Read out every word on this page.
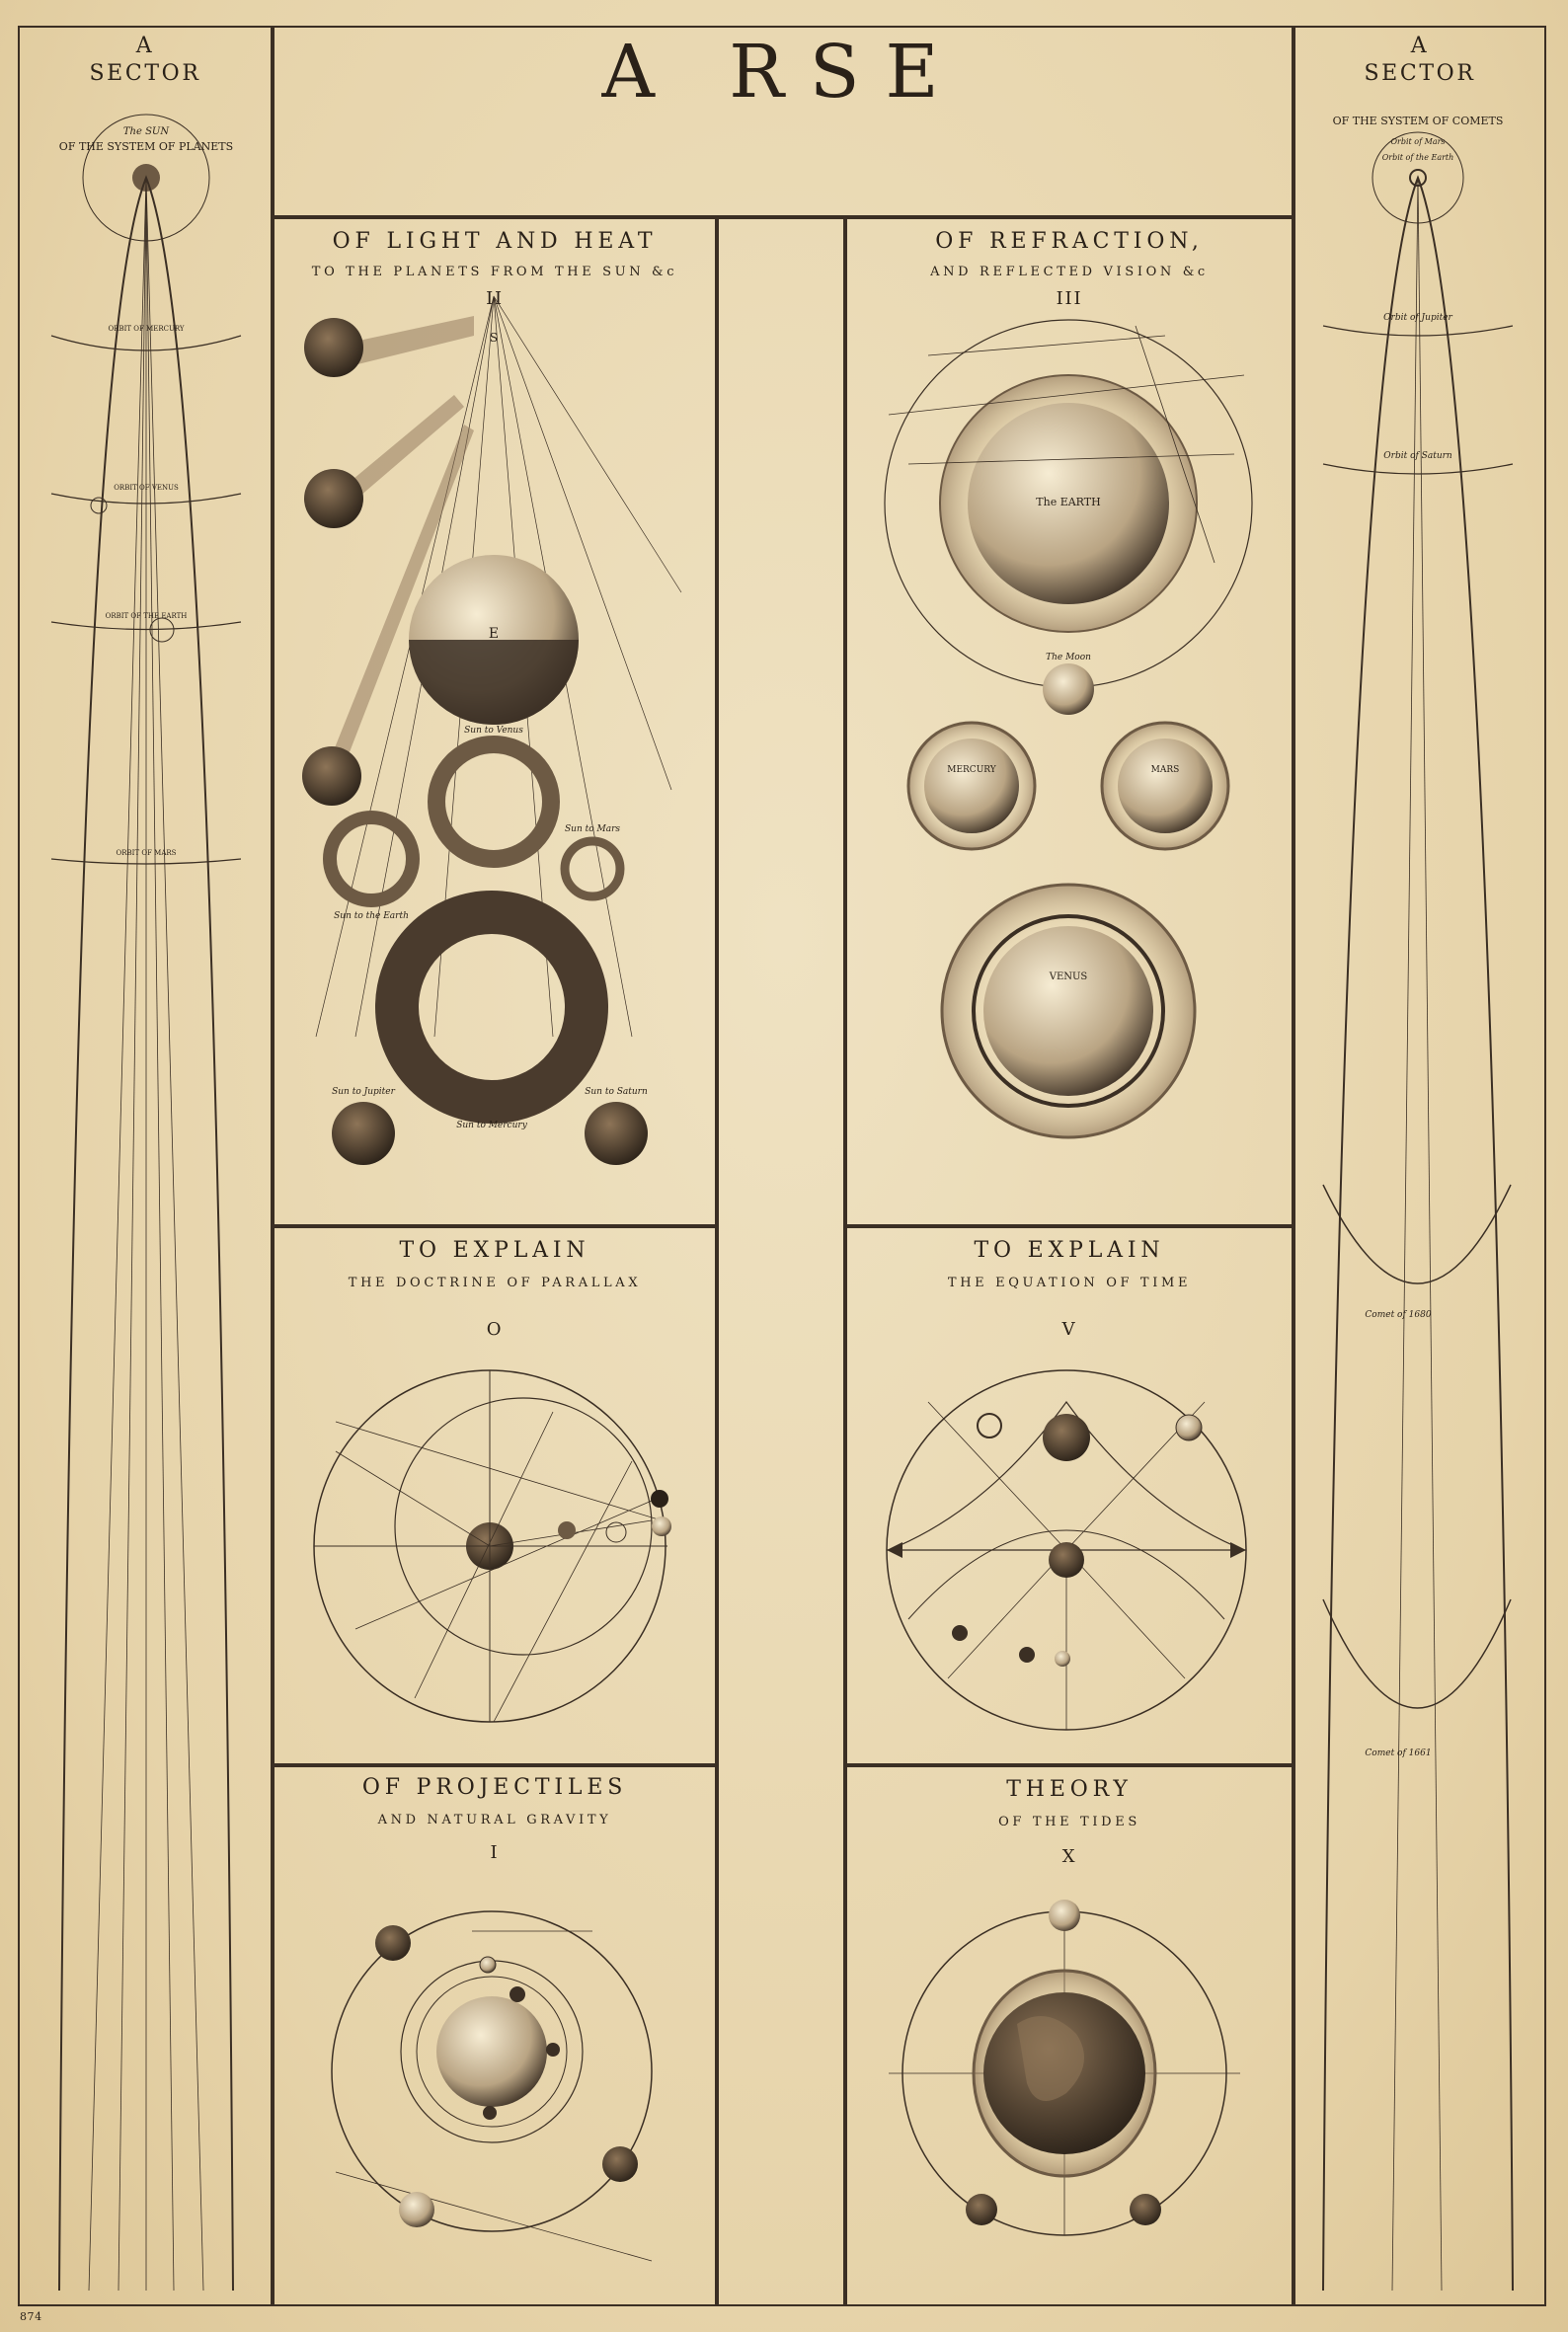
A RSE
A
SECTOR
A
SECTOR
OF LIGHT AND HEAT
TO THE PLANETS FROM THE SUN &c
II
OF REFRACTION,
AND REFLECTED VISION &c
III
TO EXPLAIN
THE DOCTRINE OF PARALLAX
O
TO EXPLAIN
THE EQUATION OF TIME
V
OF PROJECTILES
AND NATURAL GRAVITY
I
THEORY
OF THE TIDES
X
874
OF THE SYSTEM OF PLANETS
The SUN
ORBIT OF MERCURY
ORBIT OF VENUS
ORBIT OF THE EARTH
ORBIT OF MARS
OF THE SYSTEM OF COMETS
Orbit of Mars
Orbit of the Earth
Orbit of Jupiter
Orbit of Saturn
Comet of 1680
Comet of 1661
E
S
Sun to Venus
Sun to Mars
Sun to the Earth
Sun to Mercury
Sun to Jupiter	Sun to Saturn
The EARTH
The Moon
MERCURY	MARS
VENUS
